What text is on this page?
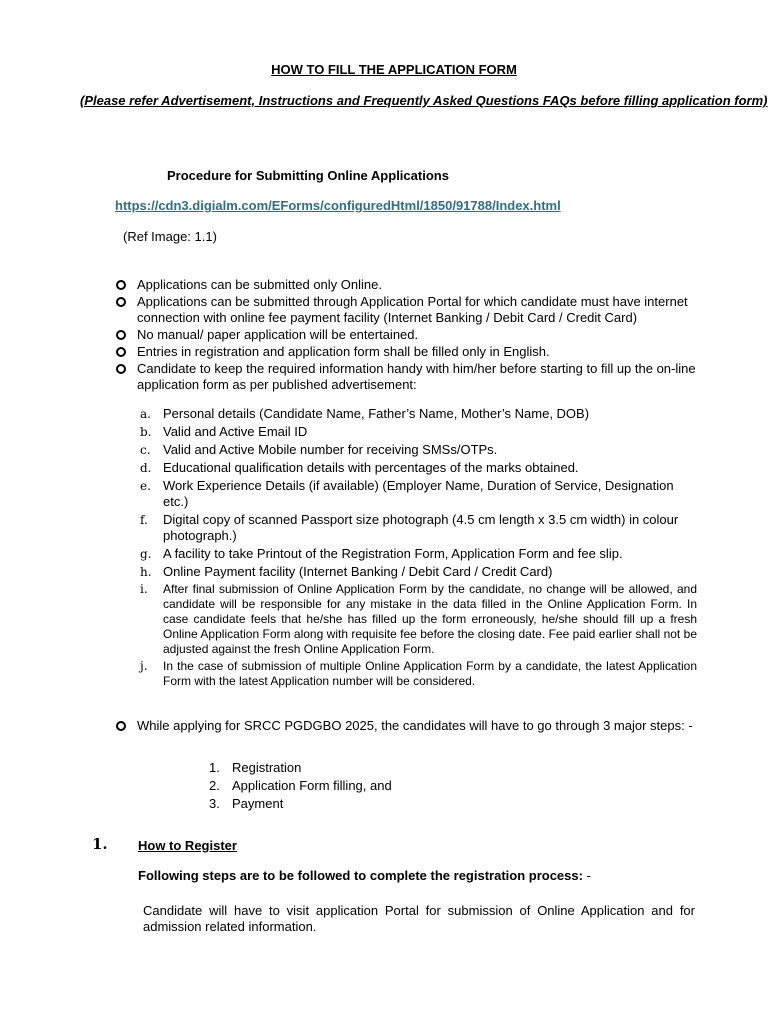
HOW TO FILL THE APPLICATION FORM
(Please refer Advertisement, Instructions and Frequently Asked Questions FAQs before filling application form)
Procedure for Submitting Online Applications
https://cdn3.digialm.com/EForms/configuredHtml/1850/91788/Index.html
(Ref Image: 1.1)
Applications can be submitted only Online.
Applications can be submitted through Application Portal for which candidate must have internet connection with online fee payment facility (Internet Banking / Debit Card / Credit Card)
No manual/ paper application will be entertained.
Entries in registration and application form shall be filled only in English.
Candidate to keep the required information handy with him/her before starting to fill up the on-line application form as per published advertisement:
a. Personal details (Candidate Name, Father’s Name, Mother’s Name, DOB)
b. Valid and Active Email ID
c. Valid and Active Mobile number for receiving SMSs/OTPs.
d. Educational qualification details with percentages of the marks obtained.
e. Work Experience Details (if available) (Employer Name, Duration of Service, Designation etc.)
f. Digital copy of scanned Passport size photograph (4.5 cm length x 3.5 cm width) in colour photograph.)
g. A facility to take Printout of the Registration Form, Application Form and fee slip.
h. Online Payment facility (Internet Banking / Debit Card / Credit Card)
i. After final submission of Online Application Form by the candidate, no change will be allowed, and candidate will be responsible for any mistake in the data filled in the Online Application Form. In case candidate feels that he/she has filled up the form erroneously, he/she should fill up a fresh Online Application Form along with requisite fee before the closing date. Fee paid earlier shall not be adjusted against the fresh Online Application Form.
j. In the case of submission of multiple Online Application Form by a candidate, the latest Application Form with the latest Application number will be considered.
While applying for SRCC PGDGBO 2025, the candidates will have to go through 3 major steps: -
1. Registration
2. Application Form filling, and
3. Payment
1. How to Register
Following steps are to be followed to complete the registration process: -
Candidate will have to visit application Portal for submission of Online Application and for admission related information.
